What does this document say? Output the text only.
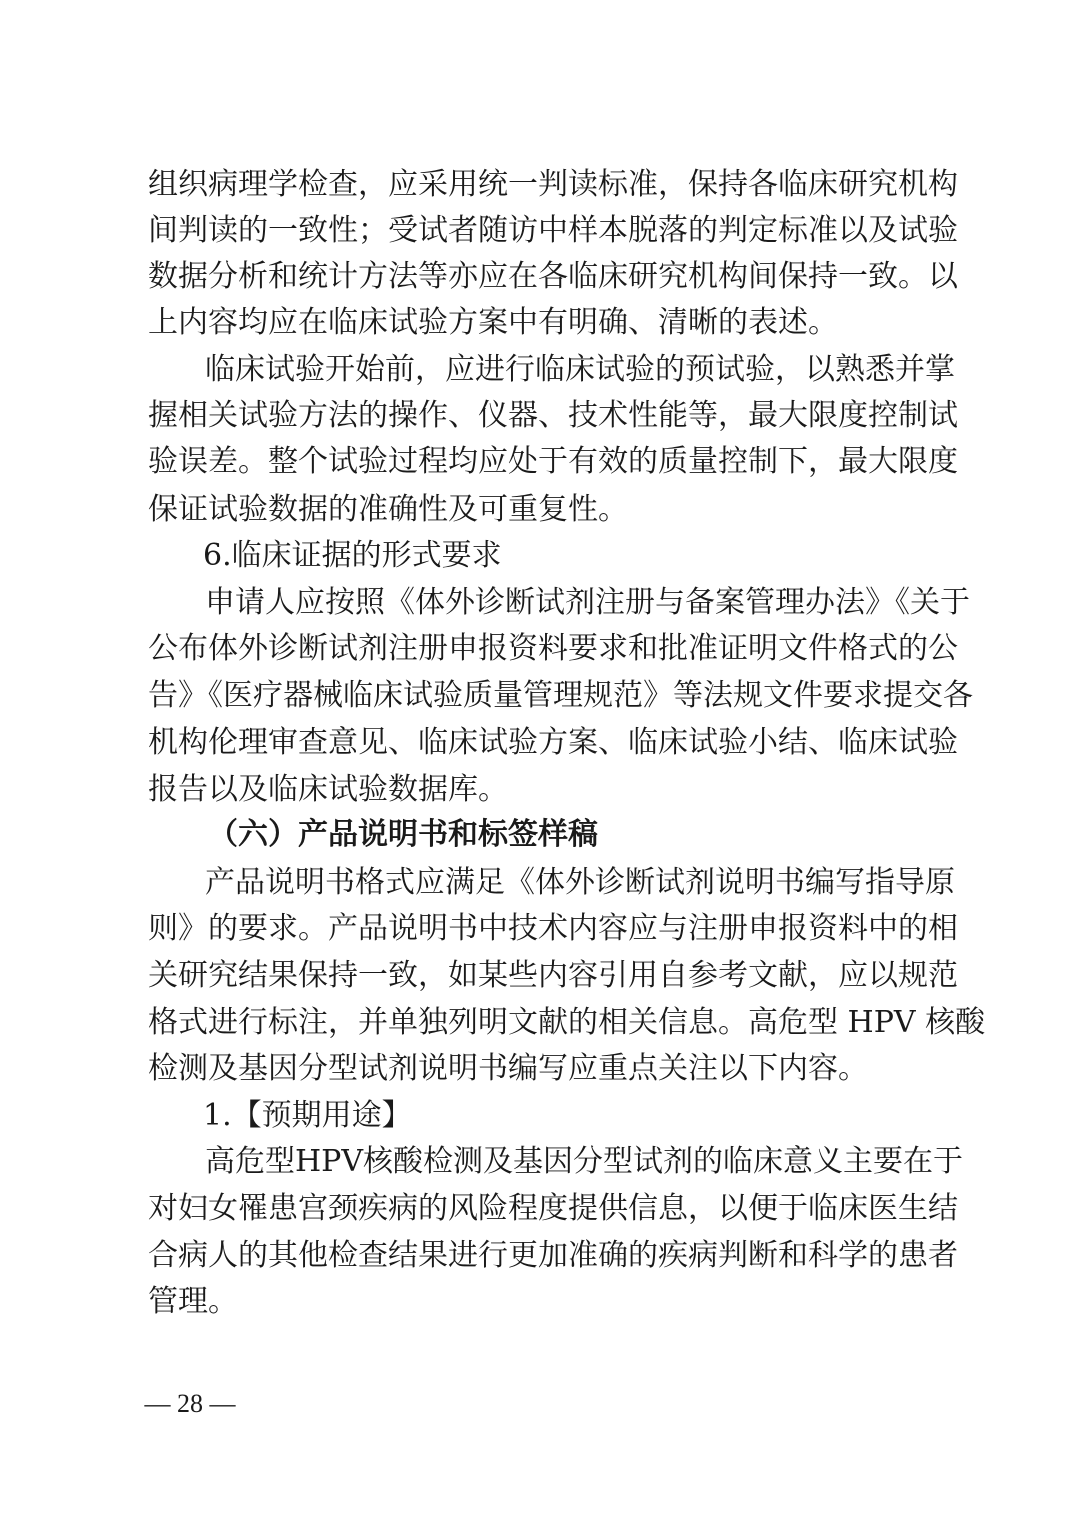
组织病理学检查，应采用统一判读标准，保持各临床研究机构
间判读的一致性；受试者随访中样本脱落的判定标准以及试验
数据分析和统计方法等亦应在各临床研究机构间保持一致。以
上内容均应在临床试验方案中有明确、清晰的表述。
临床试验开始前，应进行临床试验的预试验，以熟悉并掌
握相关试验方法的操作、仪器、技术性能等，最大限度控制试
验误差。整个试验过程均应处于有效的质量控制下，最大限度
保证试验数据的准确性及可重复性。
6.临床证据的形式要求
申请人应按照《体外诊断试剂注册与备案管理办法》《关于
公布体外诊断试剂注册申报资料要求和批准证明文件格式的公
告》《医疗器械临床试验质量管理规范》等法规文件要求提交各
机构伦理审查意见、临床试验方案、临床试验小结、临床试验
报告以及临床试验数据库。
（六）产品说明书和标签样稿
产品说明书格式应满足《体外诊断试剂说明书编写指导原
则》的要求。产品说明书中技术内容应与注册申报资料中的相
关研究结果保持一致，如某些内容引用自参考文献，应以规范
格式进行标注，并单独列明文献的相关信息。高危型 HPV 核酸
检测及基因分型试剂说明书编写应重点关注以下内容。
1.【预期用途】
高危型HPV核酸检测及基因分型试剂的临床意义主要在于
对妇女罹患宫颈疾病的风险程度提供信息，以便于临床医生结
合病人的其他检查结果进行更加准确的疾病判断和科学的患者
管理。
— 28 —
